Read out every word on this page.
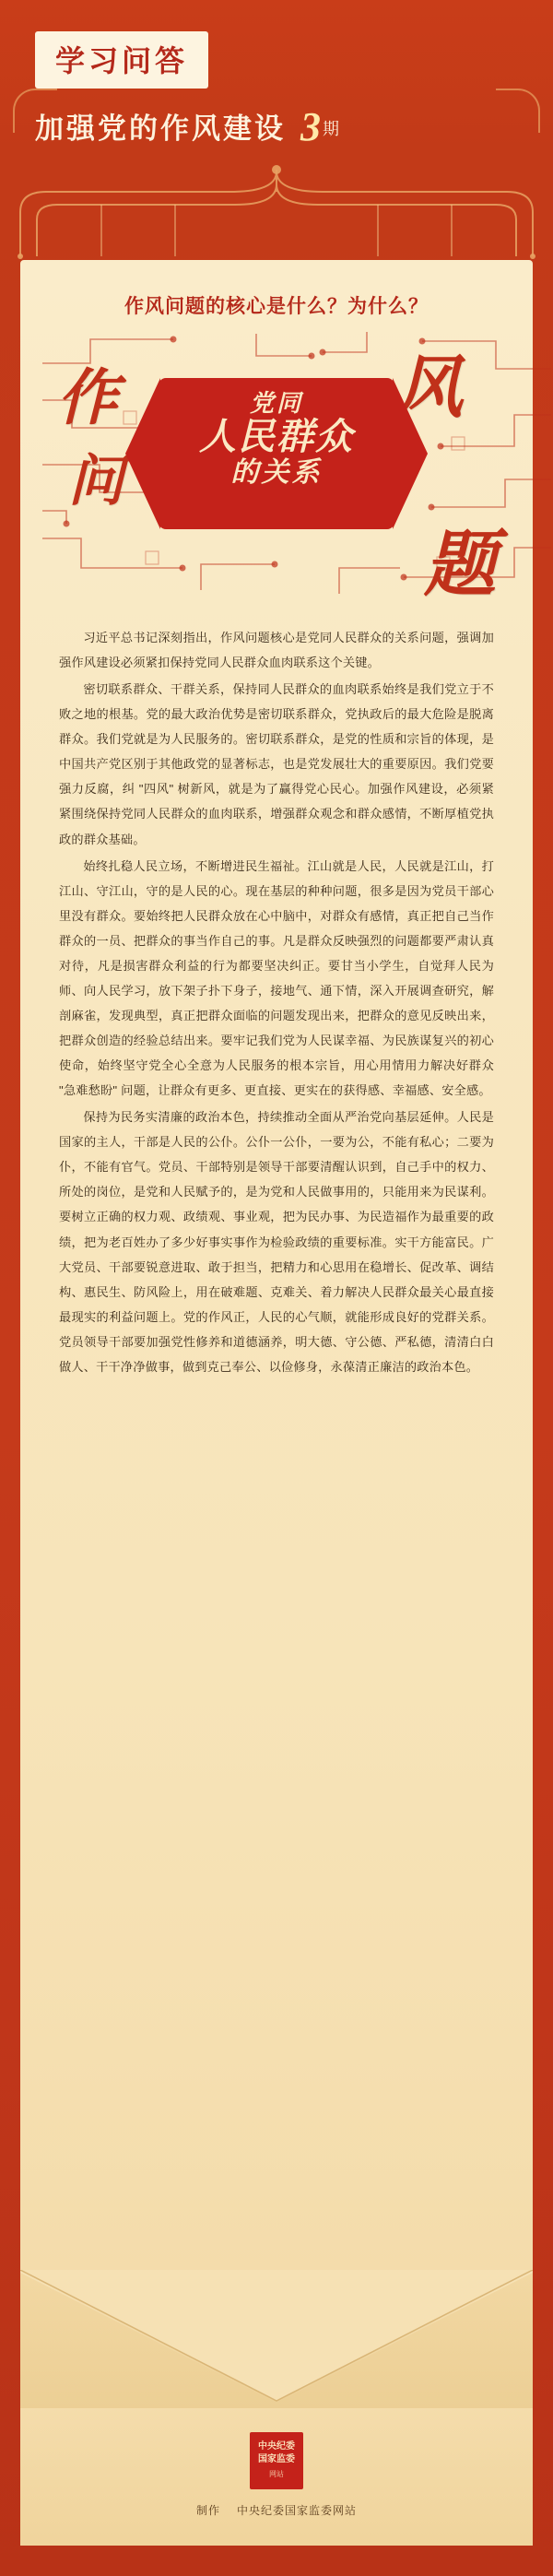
学习问答
加强党的作风建设 3 期
作风问题的核心是什么？为什么？
作	风
问
题
党同
人民群众
的关系

习近平总书记深刻指出，作风问题核心是党同人民群众的关系问题，强调加强作风建设必须紧扣保持党同人民群众血肉联系这个关键。

密切联系群众、干群关系，保持同人民群众的血肉联系始终是我们党立于不败之地的根基。党的最大政治优势是密切联系群众，党执政后的最大危险是脱离群众。我们党就是为人民服务的。密切联系群众，是党的性质和宗旨的体现，是中国共产党区别于其他政党的显著标志，也是党发展壮大的重要原因。我们党要强力反腐，纠 "四风" 树新风，就是为了赢得党心民心。加强作风建设，必须紧紧围绕保持党同人民群众的血肉联系，增强群众观念和群众感情，不断厚植党执政的群众基础。

始终扎稳人民立场，不断增进民生福祉。江山就是人民，人民就是江山，打江山、守江山，守的是人民的心。现在基层的种种问题，很多是因为党员干部心里没有群众。要始终把人民群众放在心中脑中，对群众有感情，真正把自己当作群众的一员、把群众的事当作自己的事。凡是群众反映强烈的问题都要严肃认真对待，凡是损害群众利益的行为都要坚决纠正。要甘当小学生，自觉拜人民为师、向人民学习，放下架子扑下身子，接地气、通下情，深入开展调查研究，解剖麻雀，发现典型，真正把群众面临的问题发现出来，把群众的意见反映出来，把群众创造的经验总结出来。要牢记我们党为人民谋幸福、为民族谋复兴的初心使命，始终坚守党全心全意为人民服务的根本宗旨，用心用情用力解决好群众 "急难愁盼" 问题，让群众有更多、更直接、更实在的获得感、幸福感、安全感。

保持为民务实清廉的政治本色，持续推动全面从严治党向基层延伸。人民是国家的主人，干部是人民的公仆。公仆一公仆，一要为公，不能有私心；二要为仆，不能有官气。党员、干部特别是领导干部要清醒认识到，自己手中的权力、所处的岗位，是党和人民赋予的，是为党和人民做事用的，只能用来为民谋利。要树立正确的权力观、政绩观、事业观，把为民办事、为民造福作为最重要的政绩，把为老百姓办了多少好事实事作为检验政绩的重要标准。实干方能富民。广大党员、干部要锐意进取、敢于担当，把精力和心思用在稳增长、促改革、调结构、惠民生、防风险上，用在破难题、克难关、着力解决人民群众最关心最直接最现实的利益问题上。党的作风正，人民的心气顺，就能形成良好的党群关系。党员领导干部要加强党性修养和道德涵养，明大德、守公德、严私德，清清白白做人、干干净净做事，做到克己奉公、以俭修身，永葆清正廉洁的政治本色。

中央纪委
国家监委
网站
制作 中央纪委国家监委网站
